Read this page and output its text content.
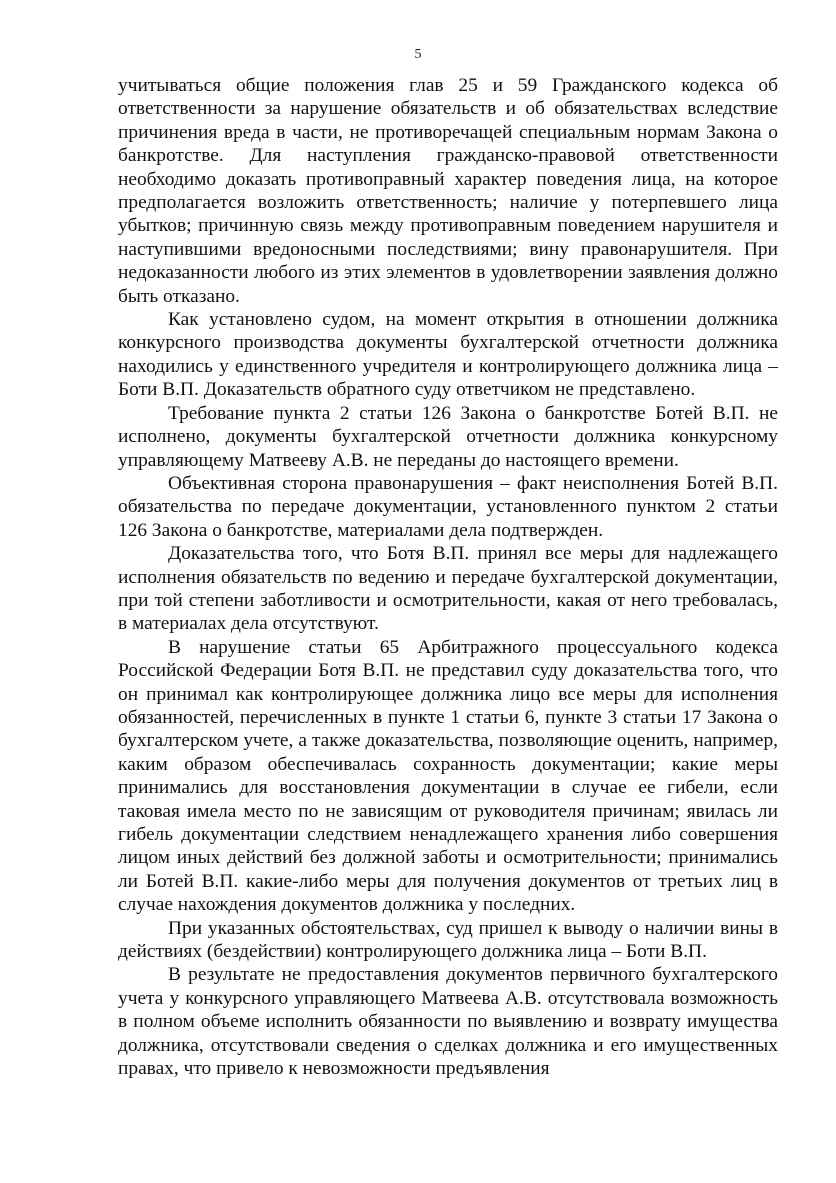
5

учитываться общие положения глав 25 и 59 Гражданского кодекса об ответственности за нарушение обязательств и об обязательствах вследствие причинения вреда в части, не противоречащей специальным нормам Закона о банкротстве. Для наступления гражданско-правовой ответственности необходимо доказать противоправный характер поведения лица, на которое предполагается возложить ответственность; наличие у потерпевшего лица убытков; причинную связь между противоправным поведением нарушителя и наступившими вредоносными последствиями; вину правонарушителя. При недоказанности любого из этих элементов в удовлетворении заявления должно быть отказано.

Как установлено судом, на момент открытия в отношении должника конкурсного производства документы бухгалтерской отчетности должника находились у единственного учредителя и контролирующего должника лица – Боти В.П. Доказательств обратного суду ответчиком не представлено.

Требование пункта 2 статьи 126 Закона о банкротстве Ботей В.П. не исполнено, документы бухгалтерской отчетности должника конкурсному управляющему Матвееву А.В. не переданы до настоящего времени.

Объективная сторона правонарушения – факт неисполнения Ботей В.П. обязательства по передаче документации, установленного пунктом 2 статьи 126 Закона о банкротстве, материалами дела подтвержден.

Доказательства того, что Ботя В.П. принял все меры для надлежащего исполнения обязательств по ведению и передаче бухгалтерской документации, при той степени заботливости и осмотрительности, какая от него требовалась, в материалах дела отсутствуют.

В нарушение статьи 65 Арбитражного процессуального кодекса Российской Федерации Ботя В.П. не представил суду доказательства того, что он принимал как контролирующее должника лицо все меры для исполнения обязанностей, перечисленных в пункте 1 статьи 6, пункте 3 статьи 17 Закона о бухгалтерском учете, а также доказательства, позволяющие оценить, например, каким образом обеспечивалась сохранность документации; какие меры принимались для восстановления документации в случае ее гибели, если таковая имела место по не зависящим от руководителя причинам; явилась ли гибель документации следствием ненадлежащего хранения либо совершения лицом иных действий без должной заботы и осмотрительности; принимались ли Ботей В.П. какие-либо меры для получения документов от третьих лиц в случае нахождения документов должника у последних.

При указанных обстоятельствах, суд пришел к выводу о наличии вины в действиях (бездействии) контролирующего должника лица – Боти В.П.

В результате не предоставления документов первичного бухгалтерского учета у конкурсного управляющего Матвеева А.В. отсутствовала возможность в полном объеме исполнить обязанности по выявлению и возврату имущества должника, отсутствовали сведения о сделках должника и его имущественных правах, что привело к невозможности предъявления
